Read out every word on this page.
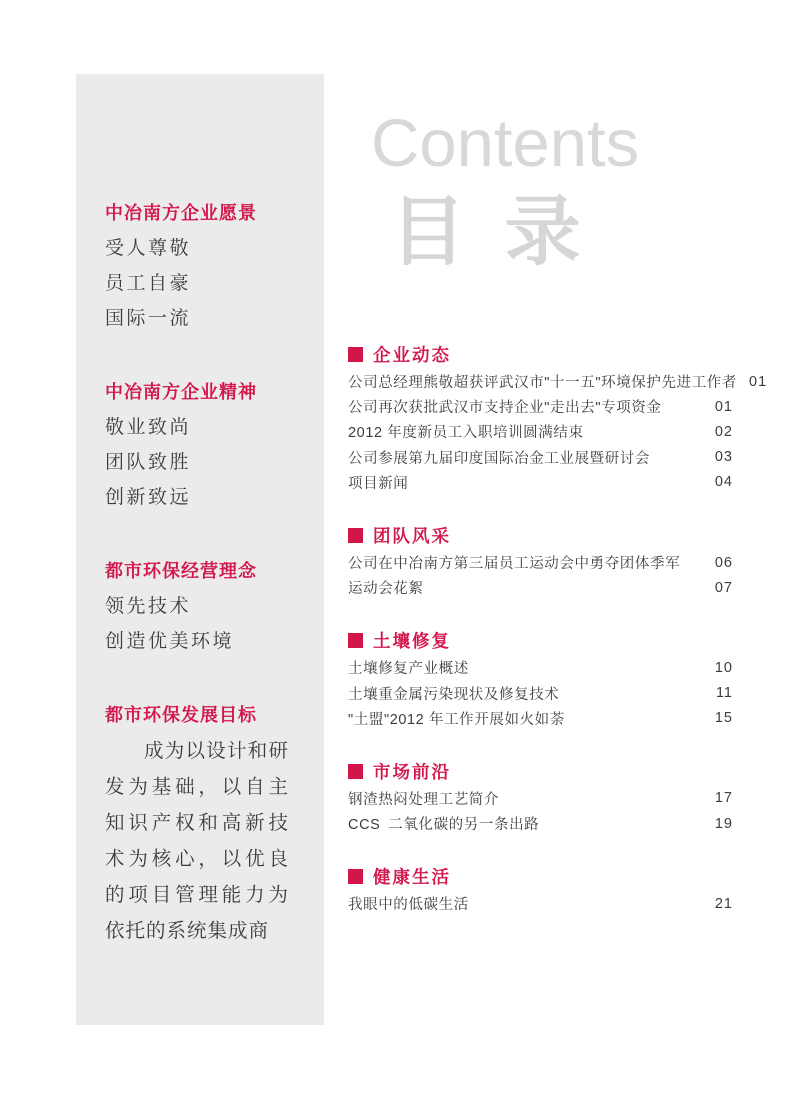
中冶南方企业愿景

受人尊敬

员工自豪

国际一流

中冶南方企业精神

敬业致尚

团队致胜

创新致远

都市环保经营理念

领先技术

创造优美环境

都市环保发展目标

成为以设计和研发为基础，以自主知识产权和高新技术为核心，以优良的项目管理能力为依托的系统集成商

Contents
目 录
企业动态
公司总经理熊敬超获评武汉市"十一五"环境保护先进工作者 01
公司再次获批武汉市支持企业"走出去"专项资金	01
2012 年度新员工入职培训圆满结束	02
公司参展第九届印度国际冶金工业展暨研讨会	03
项目新闻	04
团队风采
公司在中冶南方第三届员工运动会中勇夺团体季军 06
运动会花絮	07
土壤修复
土壤修复产业概述	10
土壤重金属污染现状及修复技术	11
"土盟"2012 年工作开展如火如荼	15
市场前沿
钢渣热闷处理工艺简介	17
CCS 二氧化碳的另一条出路	19
健康生活
我眼中的低碳生活	21
